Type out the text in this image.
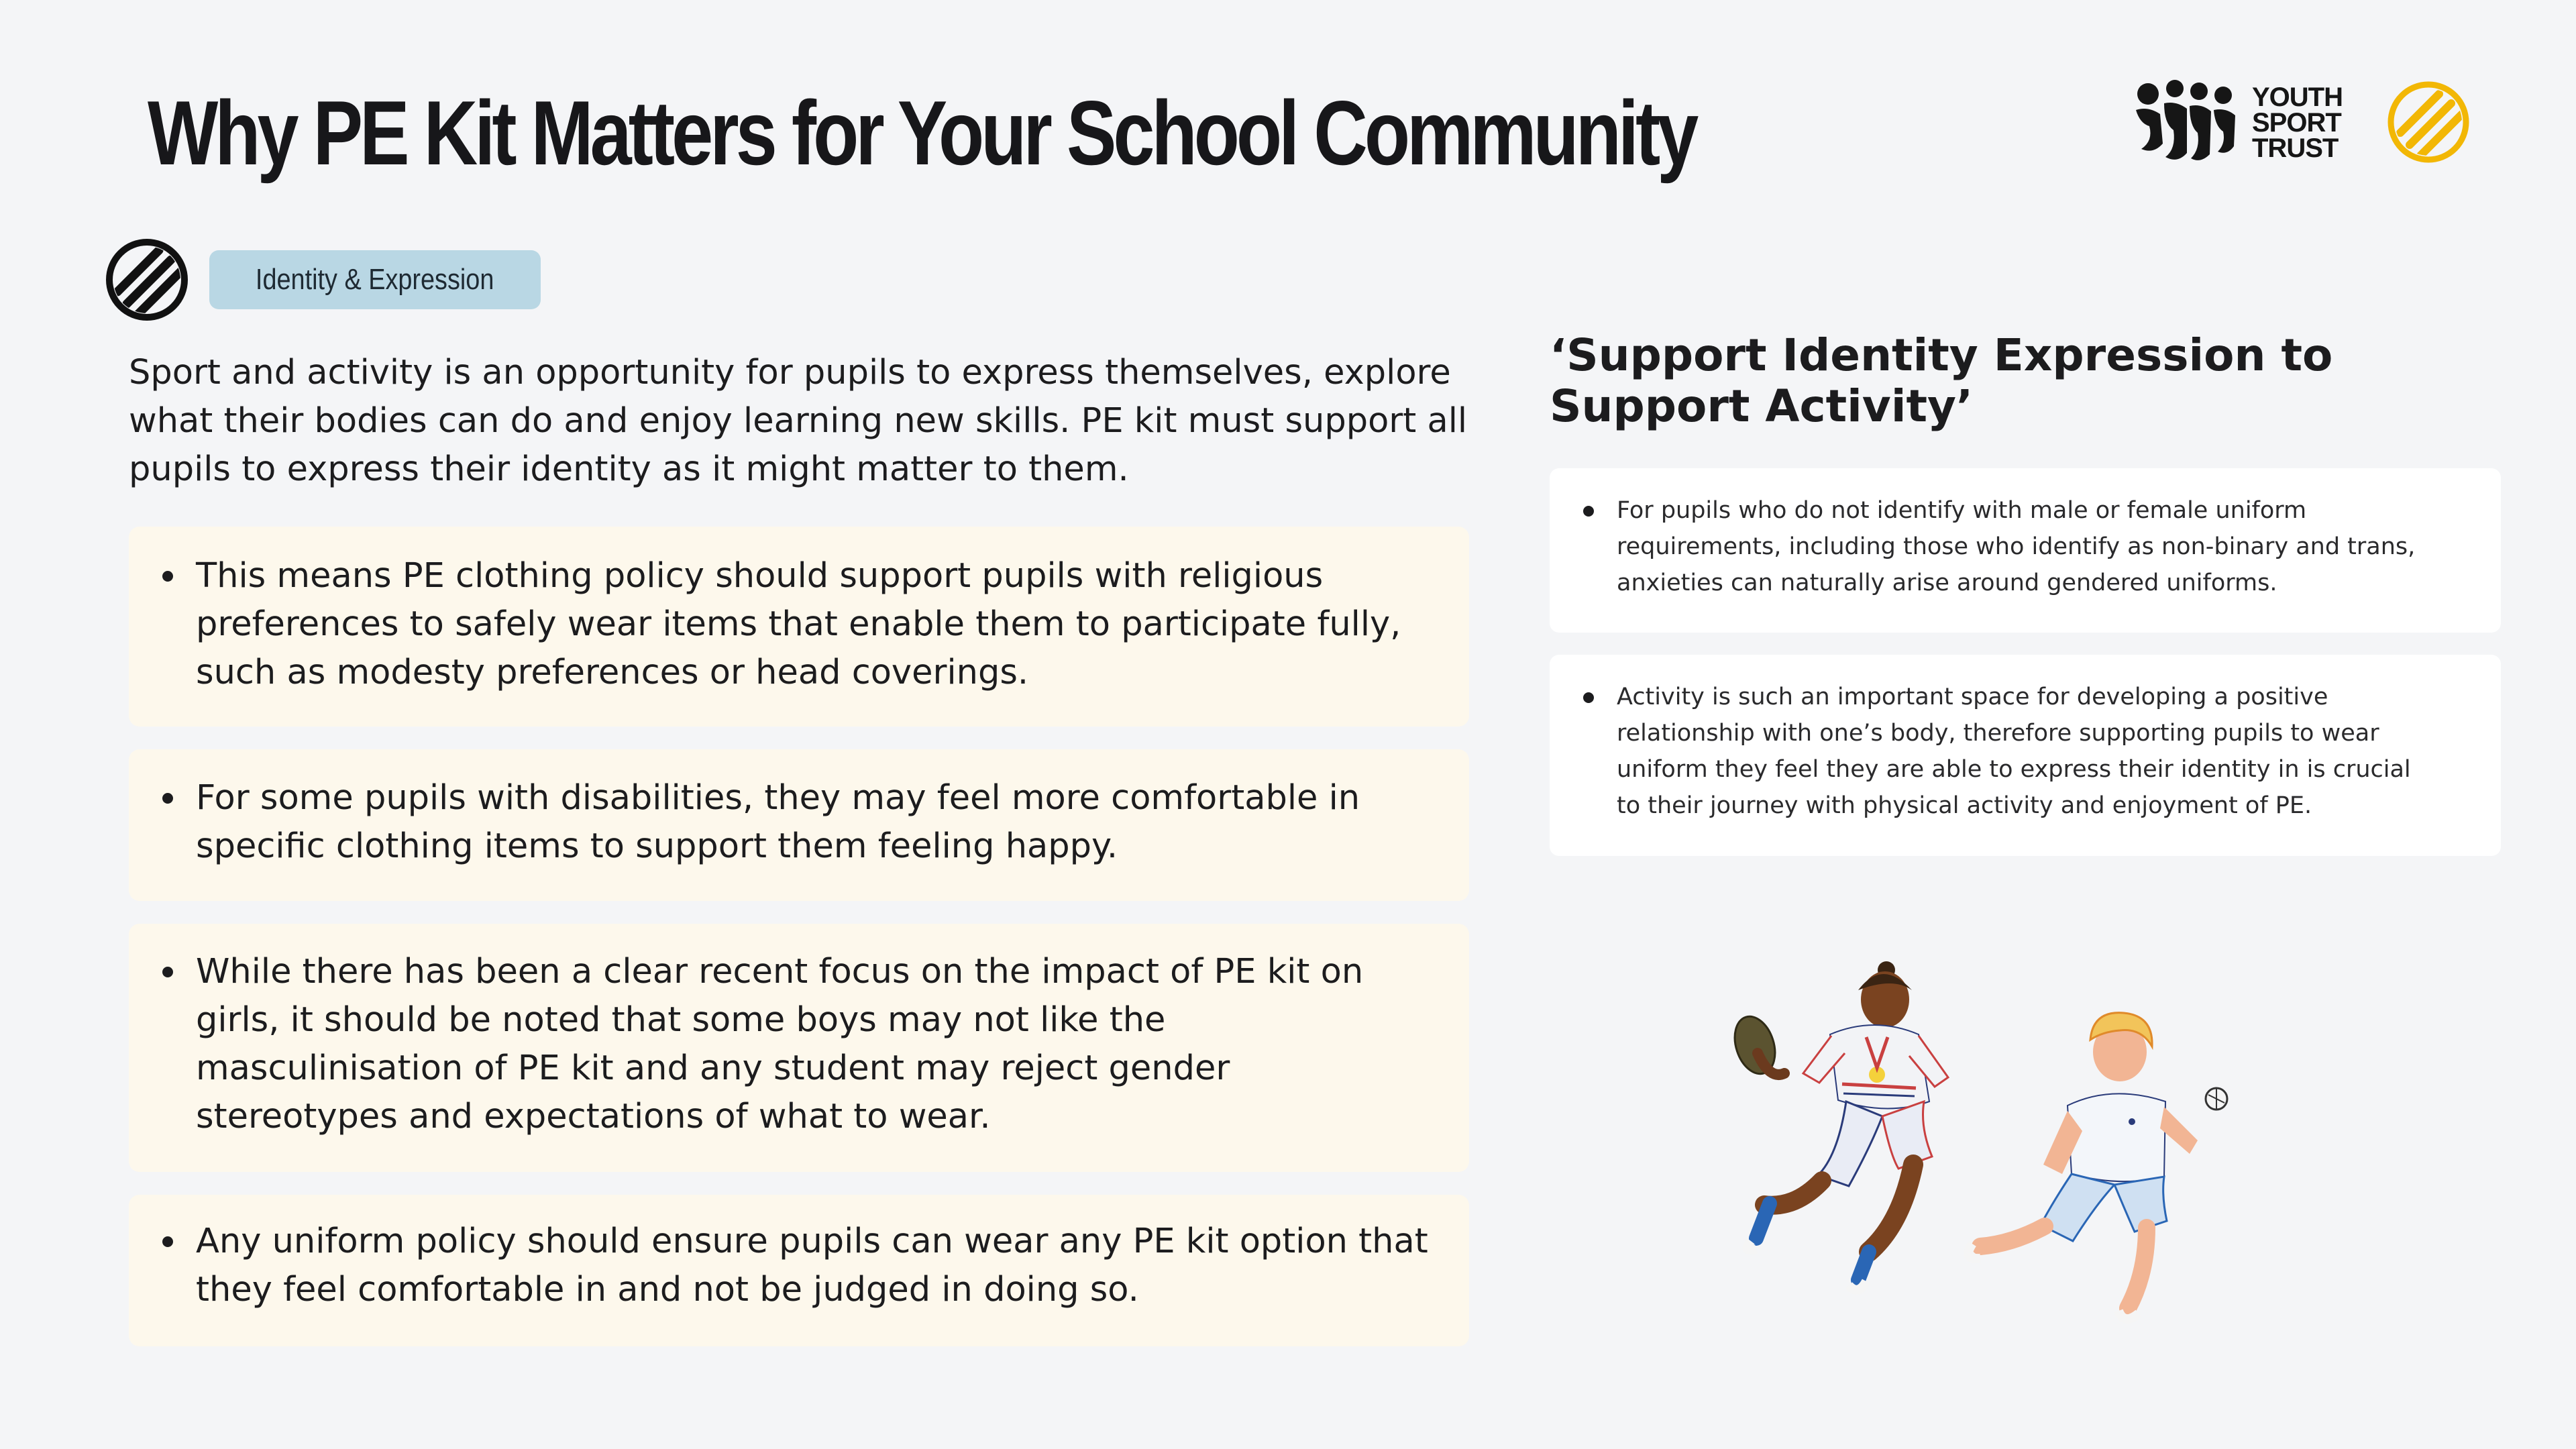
Why PE Kit Matters for Your School Community	YOUTH
SPORT
TRUST
Identity & Expression

Sport and activity is an opportunity for pupils to express themselves, explore what their bodies can do and enjoy learning new skills. PE kit must support all pupils to express their identity as it might matter to them.

This means PE clothing policy should support pupils with religious preferences to safely wear items that enable them to participate fully, such as modesty preferences or head coverings.
For some pupils with disabilities, they may feel more comfortable in specific clothing items to support them feeling happy.
While there has been a clear recent focus on the impact of PE kit on girls, it should be noted that some boys may not like the masculinisation of PE kit and any student may reject gender stereotypes and expectations of what to wear.
Any uniform policy should ensure pupils can wear any PE kit option that they feel comfortable in and not be judged in doing so.
‘Support Identity Expression to Support Activity’
For pupils who do not identify with male or female uniform requirements, including those who identify as non-binary and trans, anxieties can naturally arise around gendered uniforms.
Activity is such an important space for developing a positive relationship with one’s body, therefore supporting pupils to wear uniform they feel they are able to express their identity in is crucial to their journey with physical activity and enjoyment of PE.
